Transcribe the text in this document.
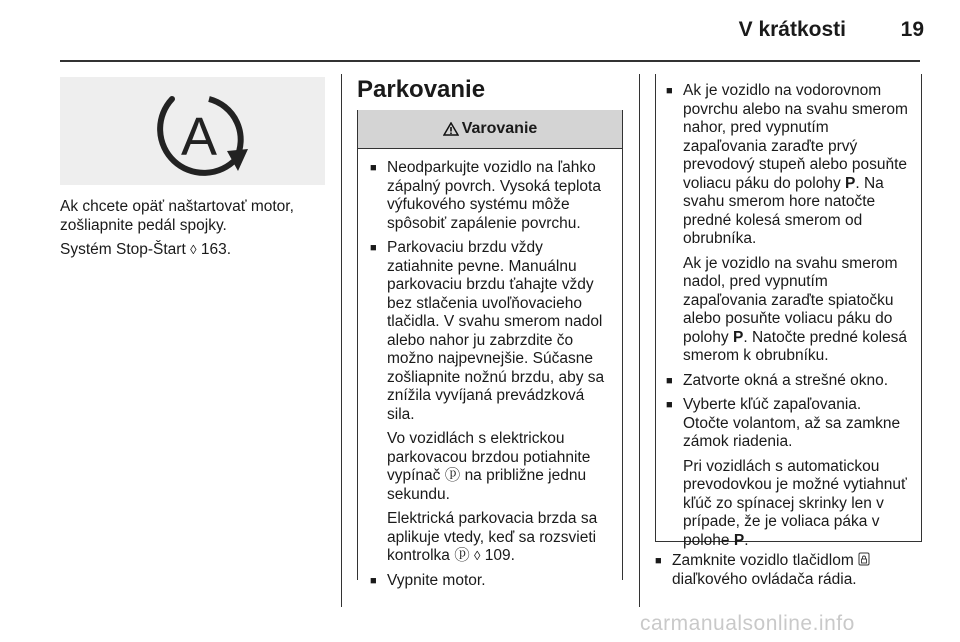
V krátkosti	19
A

Ak chcete opäť naštartovať motor, zošliapnite pedál spojky.

Systém Stop-Štart ◊ 163.

Parkovanie
Varovanie
■ Neodparkujte vozidlo na ľahko zápalný povrch. Vysoká teplota výfukového systému môže spôsobiť zapálenie povrchu.
■ Parkovaciu brzdu vždy zatiahnite pevne. Manuálnu parkovaciu brzdu ťahajte vždy bez stlačenia uvoľňovacieho tlačidla. V svahu smerom nadol alebo nahor ju zabrzdite čo možno najpevnejšie. Súčasne zošliapnite nožnú brzdu, aby sa znížila vyvíjaná prevádzková sila.

Vo vozidlách s elektrickou parkovacou brzdou potiahnite vypínač ⓟ na približne jednu sekundu.

Elektrická parkovacia brzda sa aplikuje vtedy, keď sa rozsvieti kontrolka ⓟ ◊ 109.

■ Vypnite motor.
■ Ak je vozidlo na vodorovnom povrchu alebo na svahu smerom nahor, pred vypnutím zapaľovania zaraďte prvý prevodový stupeň alebo posuňte voliacu páku do polohy P. Na svahu smerom hore natočte predné kolesá smerom od obrubníka.

Ak je vozidlo na svahu smerom nadol, pred vypnutím zapaľovania zaraďte spiatočku alebo posuňte voliacu páku do polohy P. Natočte predné kolesá smerom k obrubníku.

■ Zatvorte okná a strešné okno.
■ Vyberte kľúč zapaľovania. Otočte volantom, až sa zamkne zámok riadenia.

Pri vozidlách s automatickou prevodovkou je možné vytiahnuť kľúč zo spínacej skrinky len v prípade, že je voliaca páka v polohe P.

■ Zamknite vozidlo tlačidlom
diaľkového ovládača rádia.
carmanualsonline.info
